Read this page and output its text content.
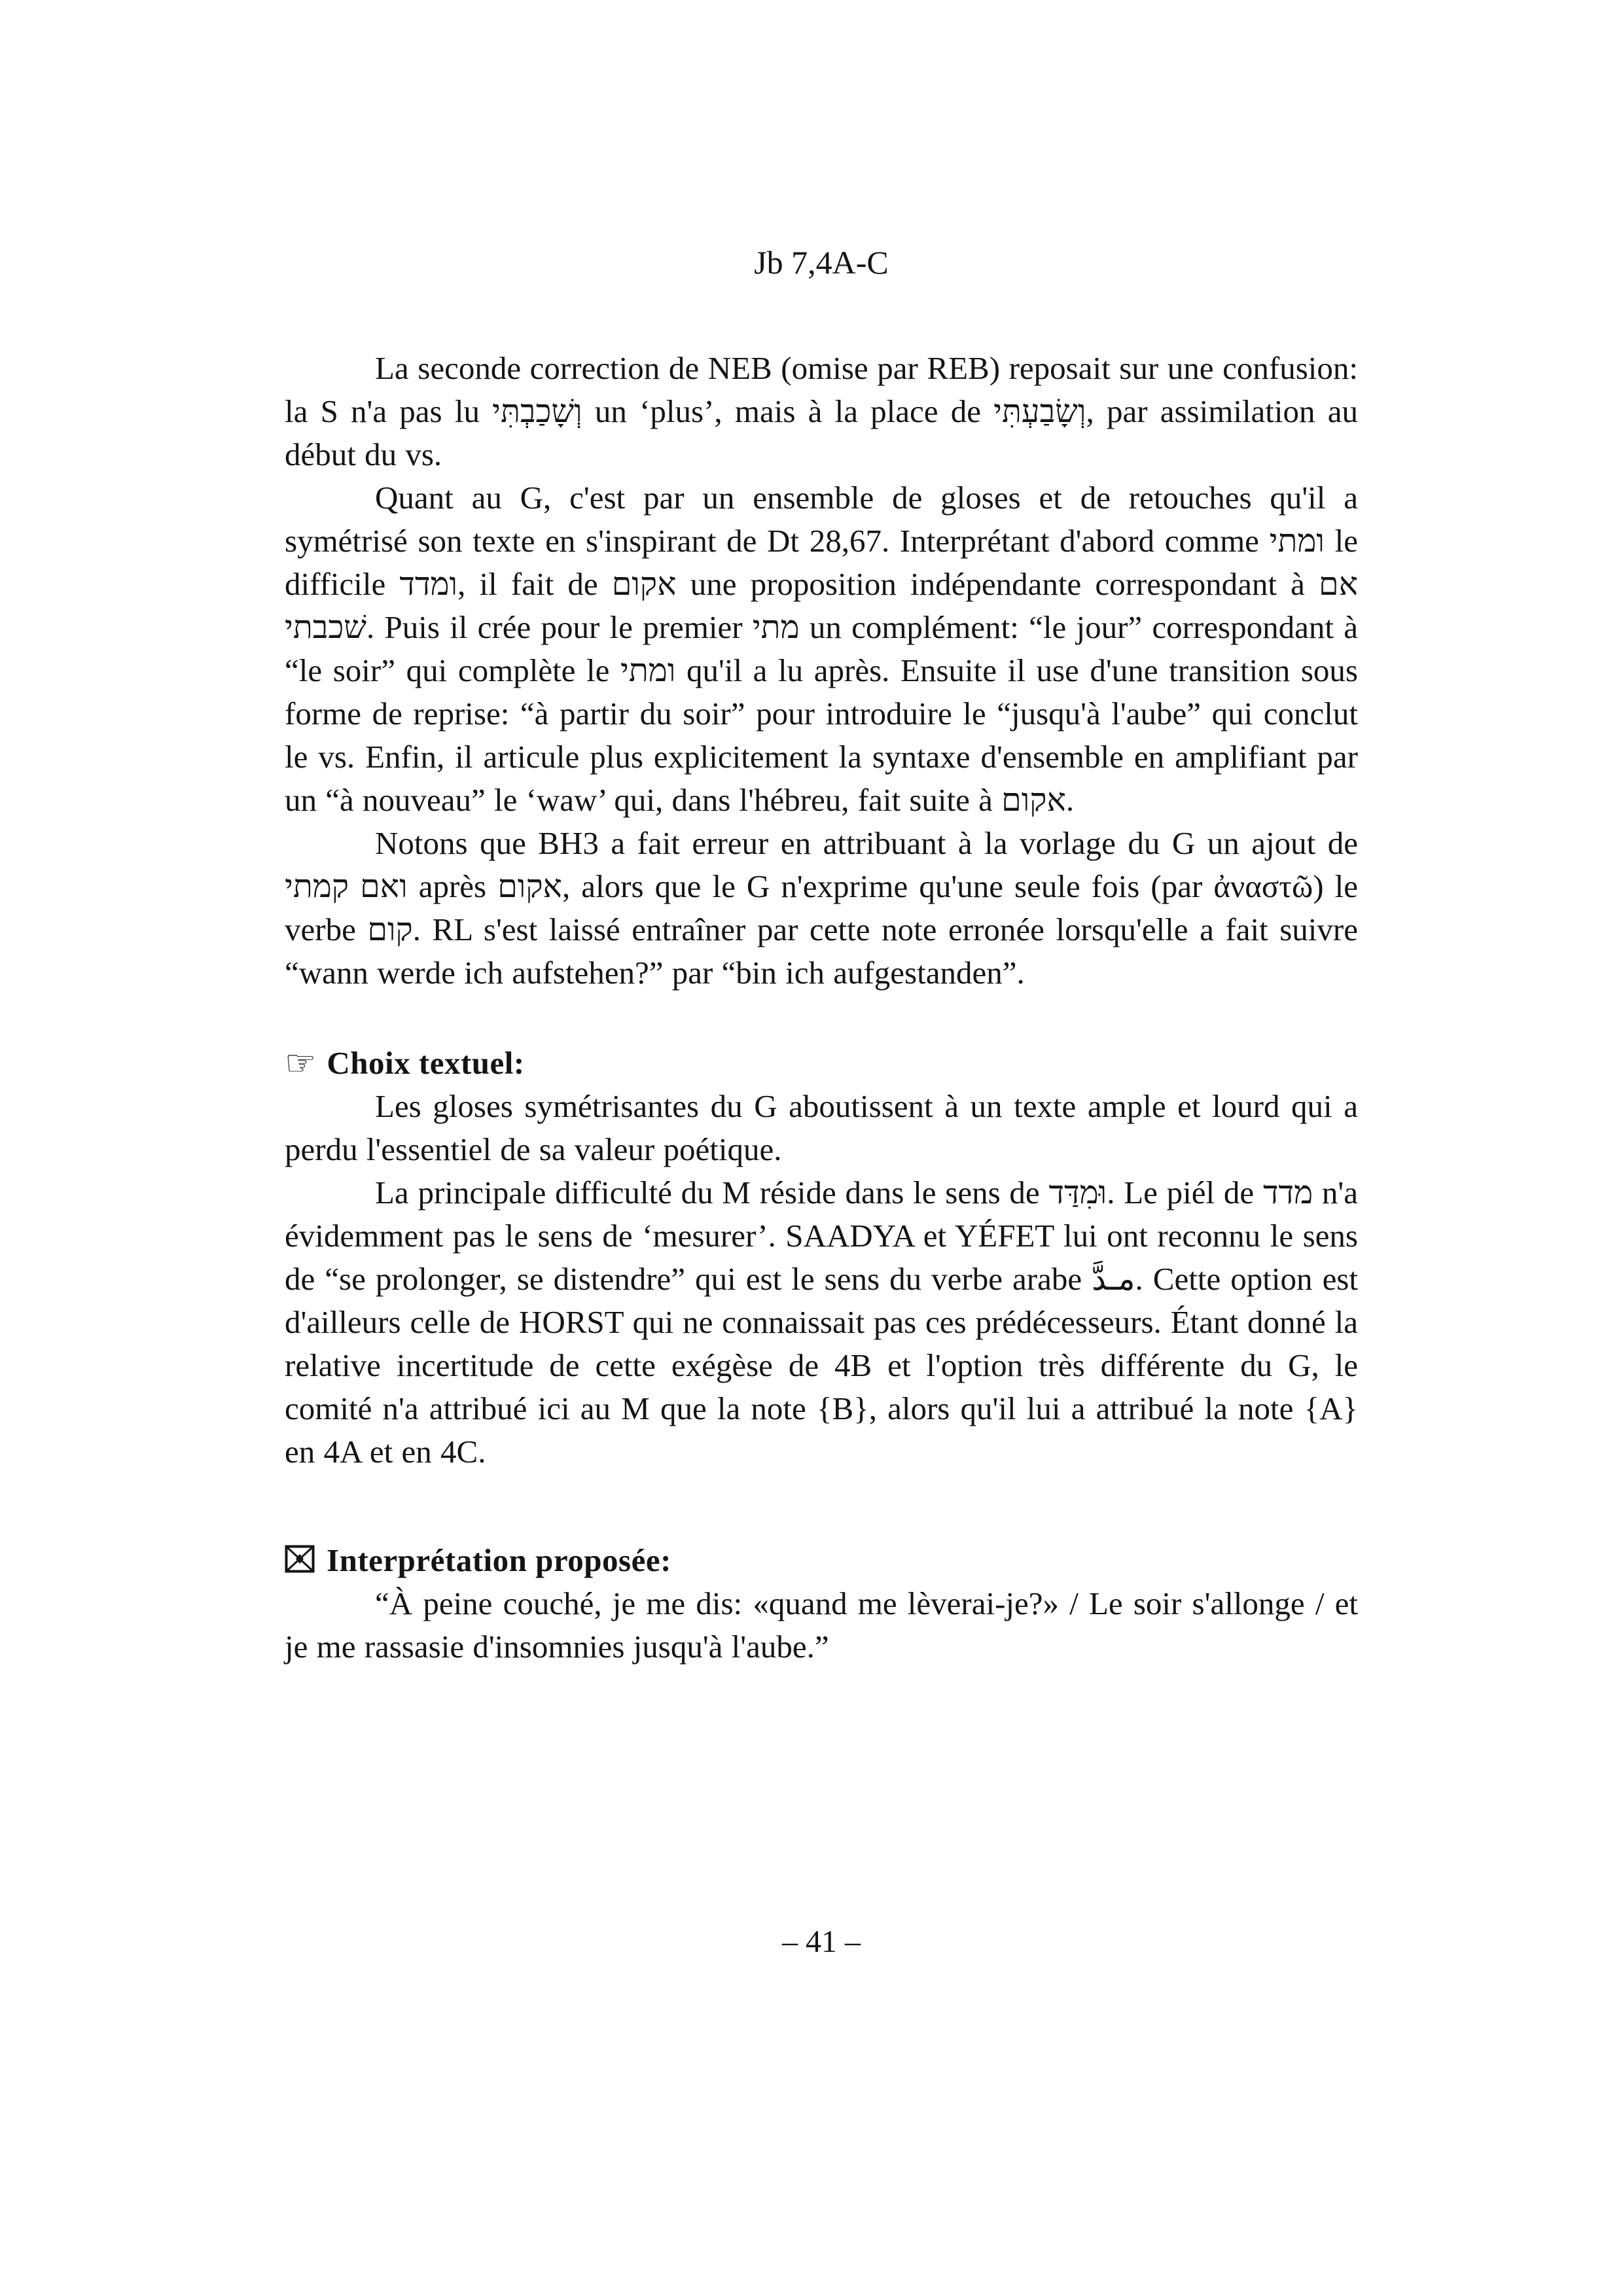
Jb 7,4A-C

La seconde correction de NEB (omise par REB) reposait sur une confusion: la S n'a pas lu וְשָׁכַבְתִּי un ‘plus’, mais à la place de וְשָׂבַעְתִּי, par assimilation au début du vs.

Quant au G, c'est par un ensemble de gloses et de retouches qu'il a symétrisé son texte en s'inspirant de Dt 28,67. Interprétant d'abord comme ומתי le difficile ומדד, il fait de אקום une proposition indépendante correspondant à אם שׁכבתי. Puis il crée pour le premier מתי un complément: “le jour” correspondant à “le soir” qui complète le ומתי qu'il a lu après. Ensuite il use d'une transition sous forme de reprise: “à partir du soir” pour introduire le “jusqu'à l'aube” qui conclut le vs. Enfin, il articule plus explicitement la syntaxe d'ensemble en amplifiant par un “à nouveau” le ‘waw’ qui, dans l'hébreu, fait suite à אקום.

Notons que BH3 a fait erreur en attribuant à la vorlage du G un ajout de ואם קמתי après אקום, alors que le G n'exprime qu'une seule fois (par ἀναστῶ) le verbe קום. RL s'est laissé entraîner par cette note erronée lorsqu'elle a fait suivre “wann werde ich aufstehen?” par “bin ich aufgestanden”.

☞ Choix textuel:

Les gloses symétrisantes du G aboutissent à un texte ample et lourd qui a perdu l'essentiel de sa valeur poétique.

La principale difficulté du M réside dans le sens de וּמִדַּד. Le piél de מדד n'a évidemment pas le sens de ‘mesurer’. SAADYA et YÉFET lui ont reconnu le sens de “se prolonger, se distendre” qui est le sens du verbe arabe مـدَّ. Cette option est d'ailleurs celle de HORST qui ne connaissait pas ces prédécesseurs. Étant donné la relative incertitude de cette exégèse de 4B et l'option très différente du G, le comité n'a attribué ici au M que la note {B}, alors qu'il lui a attribué la note {A} en 4A et en 4C.

Interprétation proposée:

“À peine couché, je me dis: «quand me lèverai-je?» / Le soir s'allonge / et je me rassasie d'insomnies jusqu'à l'aube.”

– 41 –
